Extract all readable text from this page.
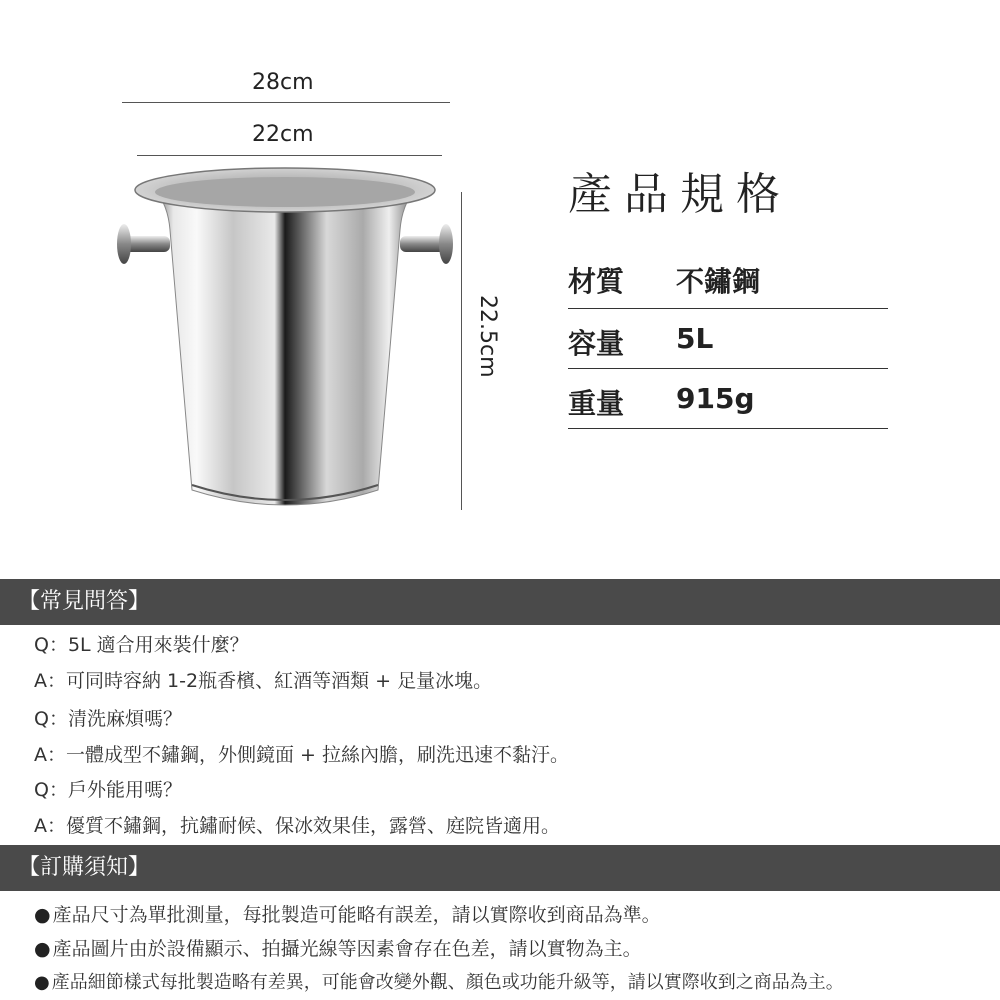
28cm
22cm
22.5cm
產品規格
材質 不鏽鋼
容量 5L
重量 915g
【常見問答】
Q：5L 適合用來裝什麼？
A：可同時容納 1-2瓶香檳、紅酒等酒類 + 足量冰塊。
Q：清洗麻煩嗎？
A：一體成型不鏽鋼，外側鏡面 + 拉絲內膽，刷洗迅速不黏汙。
Q：戶外能用嗎？
A：優質不鏽鋼，抗鏽耐候、保冰效果佳，露營、庭院皆適用。
【訂購須知】
● 產品尺寸為單批測量，每批製造可能略有誤差，請以實際收到商品為準。
● 產品圖片由於設備顯示、拍攝光線等因素會存在色差，請以實物為主。
● 產品細節樣式每批製造略有差異，可能會改變外觀、顏色或功能升級等，請以實際收到之商品為主。
